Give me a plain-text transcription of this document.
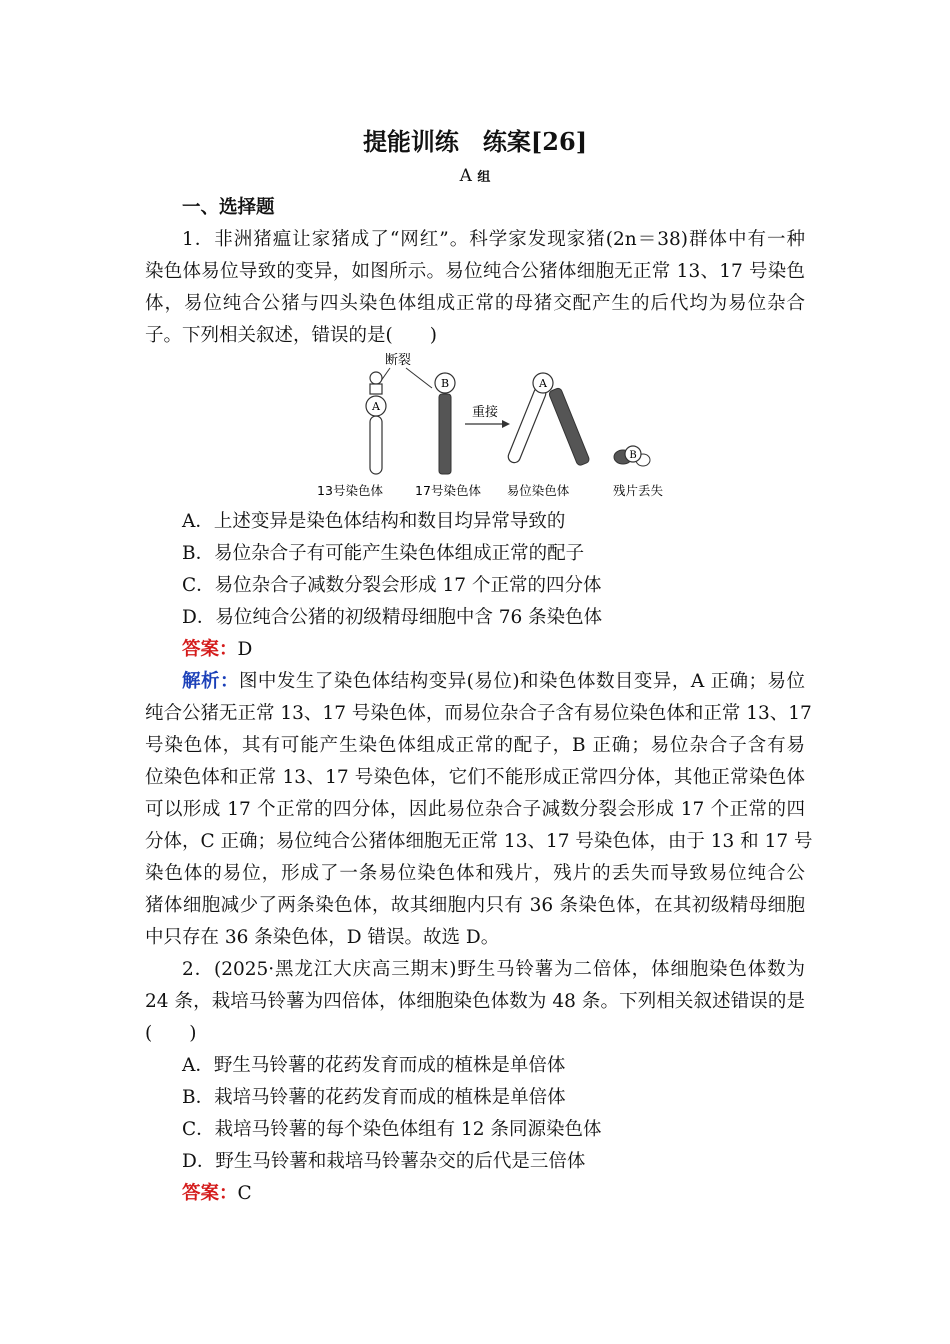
提能训练　练案[26]
A 组
一、选择题
1．非洲猪瘟让家猪成了“网红”。科学家发现家猪(2n＝38)群体中有一种
染色体易位导致的变异，如图所示。易位纯合公猪体细胞无正常 13、17 号染色
体，易位纯合公猪与四头染色体组成正常的母猪交配产生的后代均为易位杂合
子。下列相关叙述，错误的是(　　)
断裂
A
B
重接
A
B
13号染色体	17号染色体 易位染色体	残片丢失
A．上述变异是染色体结构和数目均异常导致的
B．易位杂合子有可能产生染色体组成正常的配子
C．易位杂合子减数分裂会形成 17 个正常的四分体
D．易位纯合公猪的初级精母细胞中含 76 条染色体
答案：D
解析：图中发生了染色体结构变异(易位)和染色体数目变异，A 正确；易位
纯合公猪无正常 13、17 号染色体，而易位杂合子含有易位染色体和正常 13、17
号染色体，其有可能产生染色体组成正常的配子，B 正确；易位杂合子含有易
位染色体和正常 13、17 号染色体，它们不能形成正常四分体，其他正常染色体
可以形成 17 个正常的四分体，因此易位杂合子减数分裂会形成 17 个正常的四
分体，C 正确；易位纯合公猪体细胞无正常 13、17 号染色体，由于 13 和 17 号
染色体的易位，形成了一条易位染色体和残片，残片的丢失而导致易位纯合公
猪体细胞减少了两条染色体，故其细胞内只有 36 条染色体，在其初级精母细胞
中只存在 36 条染色体，D 错误。故选 D。
2．(2025·黑龙江大庆高三期末)野生马铃薯为二倍体，体细胞染色体数为
24 条，栽培马铃薯为四倍体，体细胞染色体数为 48 条。下列相关叙述错误的是
(　　)
A．野生马铃薯的花药发育而成的植株是单倍体
B．栽培马铃薯的花药发育而成的植株是单倍体
C．栽培马铃薯的每个染色体组有 12 条同源染色体
D．野生马铃薯和栽培马铃薯杂交的后代是三倍体
答案：C
